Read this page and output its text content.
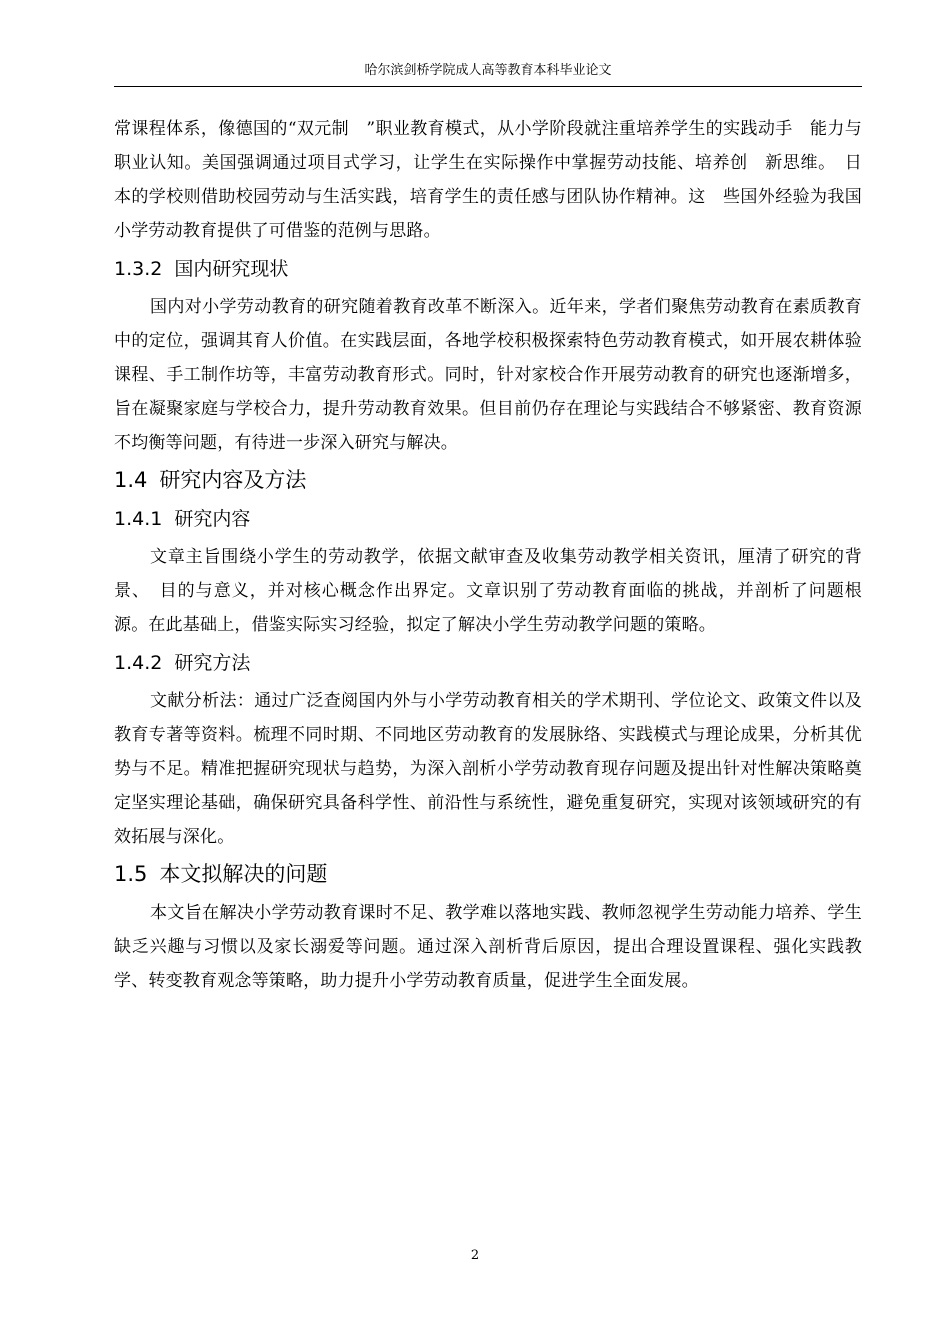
哈尔滨剑桥学院成人高等教育本科毕业论文

常课程体系，像德国的“双元制　”职业教育模式，从小学阶段就注重培养学生的实践动手　能力与职业认知。美国强调通过项目式学习，让学生在实际操作中掌握劳动技能、培养创　新思维。　日本的学校则借助校园劳动与生活实践，培育学生的责任感与团队协作精神。这　些国外经验为我国小学劳动教育提供了可借鉴的范例与思路。

1.3.2 国内研究现状

国内对小学劳动教育的研究随着教育改革不断深入。近年来，学者们聚焦劳动教育在素质教育中的定位，强调其育人价值。在实践层面，各地学校积极探索特色劳动教育模式，如开展农耕体验课程、手工制作坊等，丰富劳动教育形式。同时，针对家校合作开展劳动教育的研究也逐渐增多，旨在凝聚家庭与学校合力，提升劳动教育效果。但目前仍存在理论与实践结合不够紧密、教育资源不均衡等问题，有待进一步深入研究与解决。

1.4 研究内容及方法
1.4.1 研究内容

文章主旨围绕小学生的劳动教学，依据文献审查及收集劳动教学相关资讯，厘清了研究的背景、　目的与意义，并对核心概念作出界定。文章识别了劳动教育面临的挑战，并剖析了问题根源。在此基础上，借鉴实际实习经验，拟定了解决小学生劳动教学问题的策略。

1.4.2 研究方法

文献分析法：通过广泛查阅国内外与小学劳动教育相关的学术期刊、学位论文、政策文件以及教育专著等资料。梳理不同时期、不同地区劳动教育的发展脉络、实践模式与理论成果，分析其优势与不足。精准把握研究现状与趋势，为深入剖析小学劳动教育现存问题及提出针对性解决策略奠定坚实理论基础，确保研究具备科学性、前沿性与系统性，避免重复研究，实现对该领域研究的有效拓展与深化。

1.5 本文拟解决的问题

本文旨在解决小学劳动教育课时不足、教学难以落地实践、教师忽视学生劳动能力培养、学生缺乏兴趣与习惯以及家长溺爱等问题。通过深入剖析背后原因，提出合理设置课程、强化实践教学、转变教育观念等策略，助力提升小学劳动教育质量，促进学生全面发展。

2
